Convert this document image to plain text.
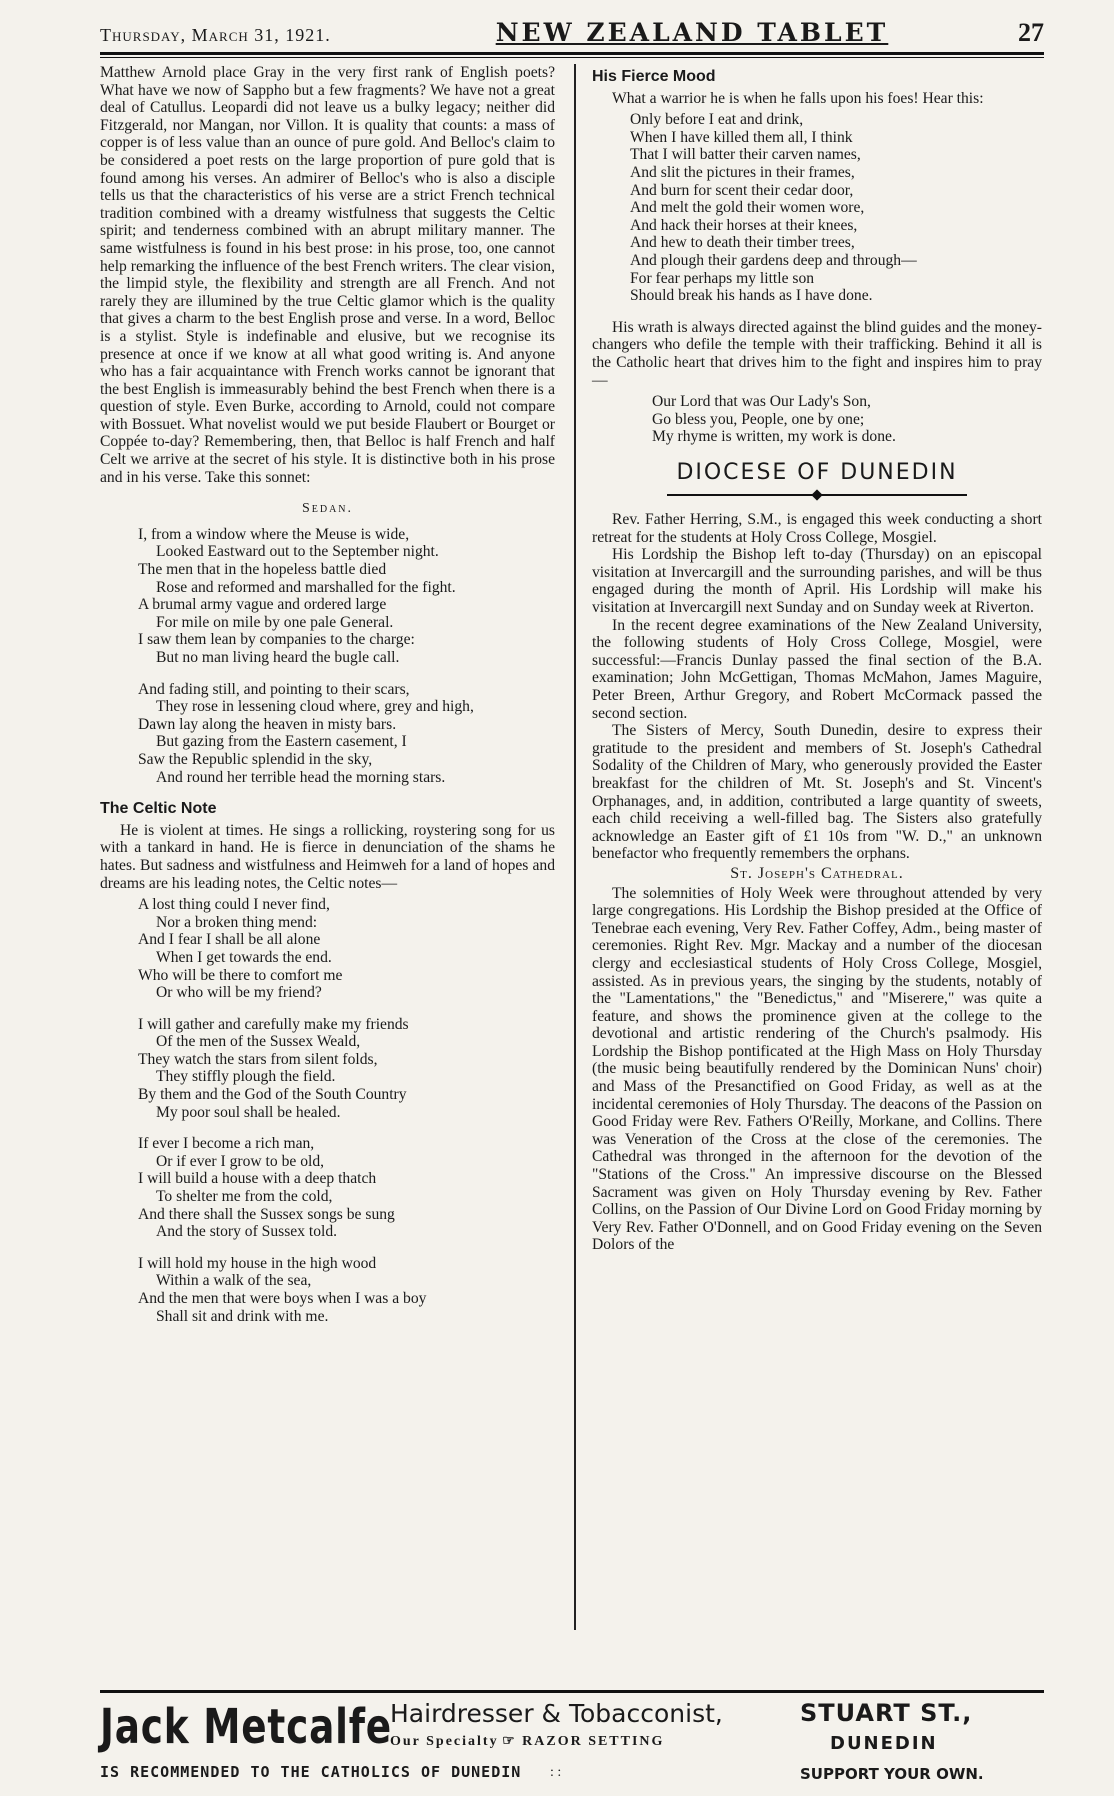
Thursday, March 31, 1921.	NEW ZEALAND TABLET	27

Matthew Arnold place Gray in the very first rank of English poets? What have we now of Sappho but a few fragments? We have not a great deal of Catullus. Leopardi did not leave us a bulky legacy; neither did Fitzgerald, nor Mangan, nor Villon. It is quality that counts: a mass of copper is of less value than an ounce of pure gold. And Belloc's claim to be considered a poet rests on the large proportion of pure gold that is found among his verses. An admirer of Belloc's who is also a disciple tells us that the characteristics of his verse are a strict French technical tradition combined with a dreamy wistfulness that suggests the Celtic spirit; and tenderness combined with an abrupt military manner. The same wistfulness is found in his best prose: in his prose, too, one cannot help remarking the influence of the best French writers. The clear vision, the limpid style, the flexibility and strength are all French. And not rarely they are illumined by the true Celtic glamor which is the quality that gives a charm to the best English prose and verse. In a word, Belloc is a stylist. Style is indefinable and elusive, but we recognise its presence at once if we know at all what good writing is. And anyone who has a fair acquaintance with French works cannot be ignorant that the best English is immeasurably behind the best French when there is a question of style. Even Burke, according to Arnold, could not compare with Bossuet. What novelist would we put beside Flaubert or Bourget or Coppée to-day? Remembering, then, that Belloc is half French and half Celt we arrive at the secret of his style. It is distinctive both in his prose and in his verse. Take this sonnet:

Sedan.
I, from a window where the Meuse is wide,
Looked Eastward out to the September night.
The men that in the hopeless battle died
Rose and reformed and marshalled for the fight.
A brumal army vague and ordered large
For mile on mile by one pale General.
I saw them lean by companies to the charge:
But no man living heard the bugle call.
And fading still, and pointing to their scars,
They rose in lessening cloud where, grey and high,
Dawn lay along the heaven in misty bars.
But gazing from the Eastern casement, I
Saw the Republic splendid in the sky,
And round her terrible head the morning stars.
The Celtic Note

He is violent at times. He sings a rollicking, roystering song for us with a tankard in hand. He is fierce in denunciation of the shams he hates. But sadness and wistfulness and Heimweh for a land of hopes and dreams are his leading notes, the Celtic notes—

A lost thing could I never find,
Nor a broken thing mend:
And I fear I shall be all alone
When I get towards the end.
Who will be there to comfort me
Or who will be my friend?
I will gather and carefully make my friends
Of the men of the Sussex Weald,
They watch the stars from silent folds,
They stiffly plough the field.
By them and the God of the South Country
My poor soul shall be healed.
If ever I become a rich man,
Or if ever I grow to be old,
I will build a house with a deep thatch
To shelter me from the cold,
And there shall the Sussex songs be sung
And the story of Sussex told.
I will hold my house in the high wood
Within a walk of the sea,
And the men that were boys when I was a boy
Shall sit and drink with me.
His Fierce Mood

What a warrior he is when he falls upon his foes! Hear this:

Only before I eat and drink,
When I have killed them all, I think
That I will batter their carven names,
And slit the pictures in their frames,
And burn for scent their cedar door,
And melt the gold their women wore,
And hack their horses at their knees,
And hew to death their timber trees,
And plough their gardens deep and through—
For fear perhaps my little son
Should break his hands as I have done.

His wrath is always directed against the blind guides and the money-changers who defile the temple with their trafficking. Behind it all is the Catholic heart that drives him to the fight and inspires him to pray—

Our Lord that was Our Lady's Son,
Go bless you, People, one by one;
My rhyme is written, my work is done.
DIOCESE OF DUNEDIN

Rev. Father Herring, S.M., is engaged this week conducting a short retreat for the students at Holy Cross College, Mosgiel.

His Lordship the Bishop left to-day (Thursday) on an episcopal visitation at Invercargill and the surrounding parishes, and will be thus engaged during the month of April. His Lordship will make his visitation at Invercargill next Sunday and on Sunday week at Riverton.

In the recent degree examinations of the New Zealand University, the following students of Holy Cross College, Mosgiel, were successful:—Francis Dunlay passed the final section of the B.A. examination; John McGettigan, Thomas McMahon, James Maguire, Peter Breen, Arthur Gregory, and Robert McCormack passed the second section.

The Sisters of Mercy, South Dunedin, desire to express their gratitude to the president and members of St. Joseph's Cathedral Sodality of the Children of Mary, who generously provided the Easter breakfast for the children of Mt. St. Joseph's and St. Vincent's Orphanages, and, in addition, contributed a large quantity of sweets, each child receiving a well-filled bag. The Sisters also gratefully acknowledge an Easter gift of £1 10s from "W. D.," an unknown benefactor who frequently remembers the orphans.

St. Joseph's Cathedral.

The solemnities of Holy Week were throughout attended by very large congregations. His Lordship the Bishop presided at the Office of Tenebrae each evening, Very Rev. Father Coffey, Adm., being master of ceremonies. Right Rev. Mgr. Mackay and a number of the diocesan clergy and ecclesiastical students of Holy Cross College, Mosgiel, assisted. As in previous years, the singing by the students, notably of the "Lamentations," the "Benedictus," and "Miserere," was quite a feature, and shows the prominence given at the college to the devotional and artistic rendering of the Church's psalmody. His Lordship the Bishop pontificated at the High Mass on Holy Thursday (the music being beautifully rendered by the Dominican Nuns' choir) and Mass of the Presanctified on Good Friday, as well as at the incidental ceremonies of Holy Thursday. The deacons of the Passion on Good Friday were Rev. Fathers O'Reilly, Morkane, and Collins. There was Veneration of the Cross at the close of the ceremonies. The Cathedral was thronged in the afternoon for the devotion of the "Stations of the Cross." An impressive discourse on the Blessed Sacrament was given on Holy Thursday evening by Rev. Father Collins, on the Passion of Our Divine Lord on Good Friday morning by Very Rev. Father O'Donnell, and on Good Friday evening on the Seven Dolors of the

Jack Metcalfe
Hairdresser & Tobacconist,
Our Specialty ☞ RAZOR SETTING
IS RECOMMENDED TO THE CATHOLICS OF DUNEDIN : :
STUART ST.,
DUNEDIN
SUPPORT YOUR OWN.
